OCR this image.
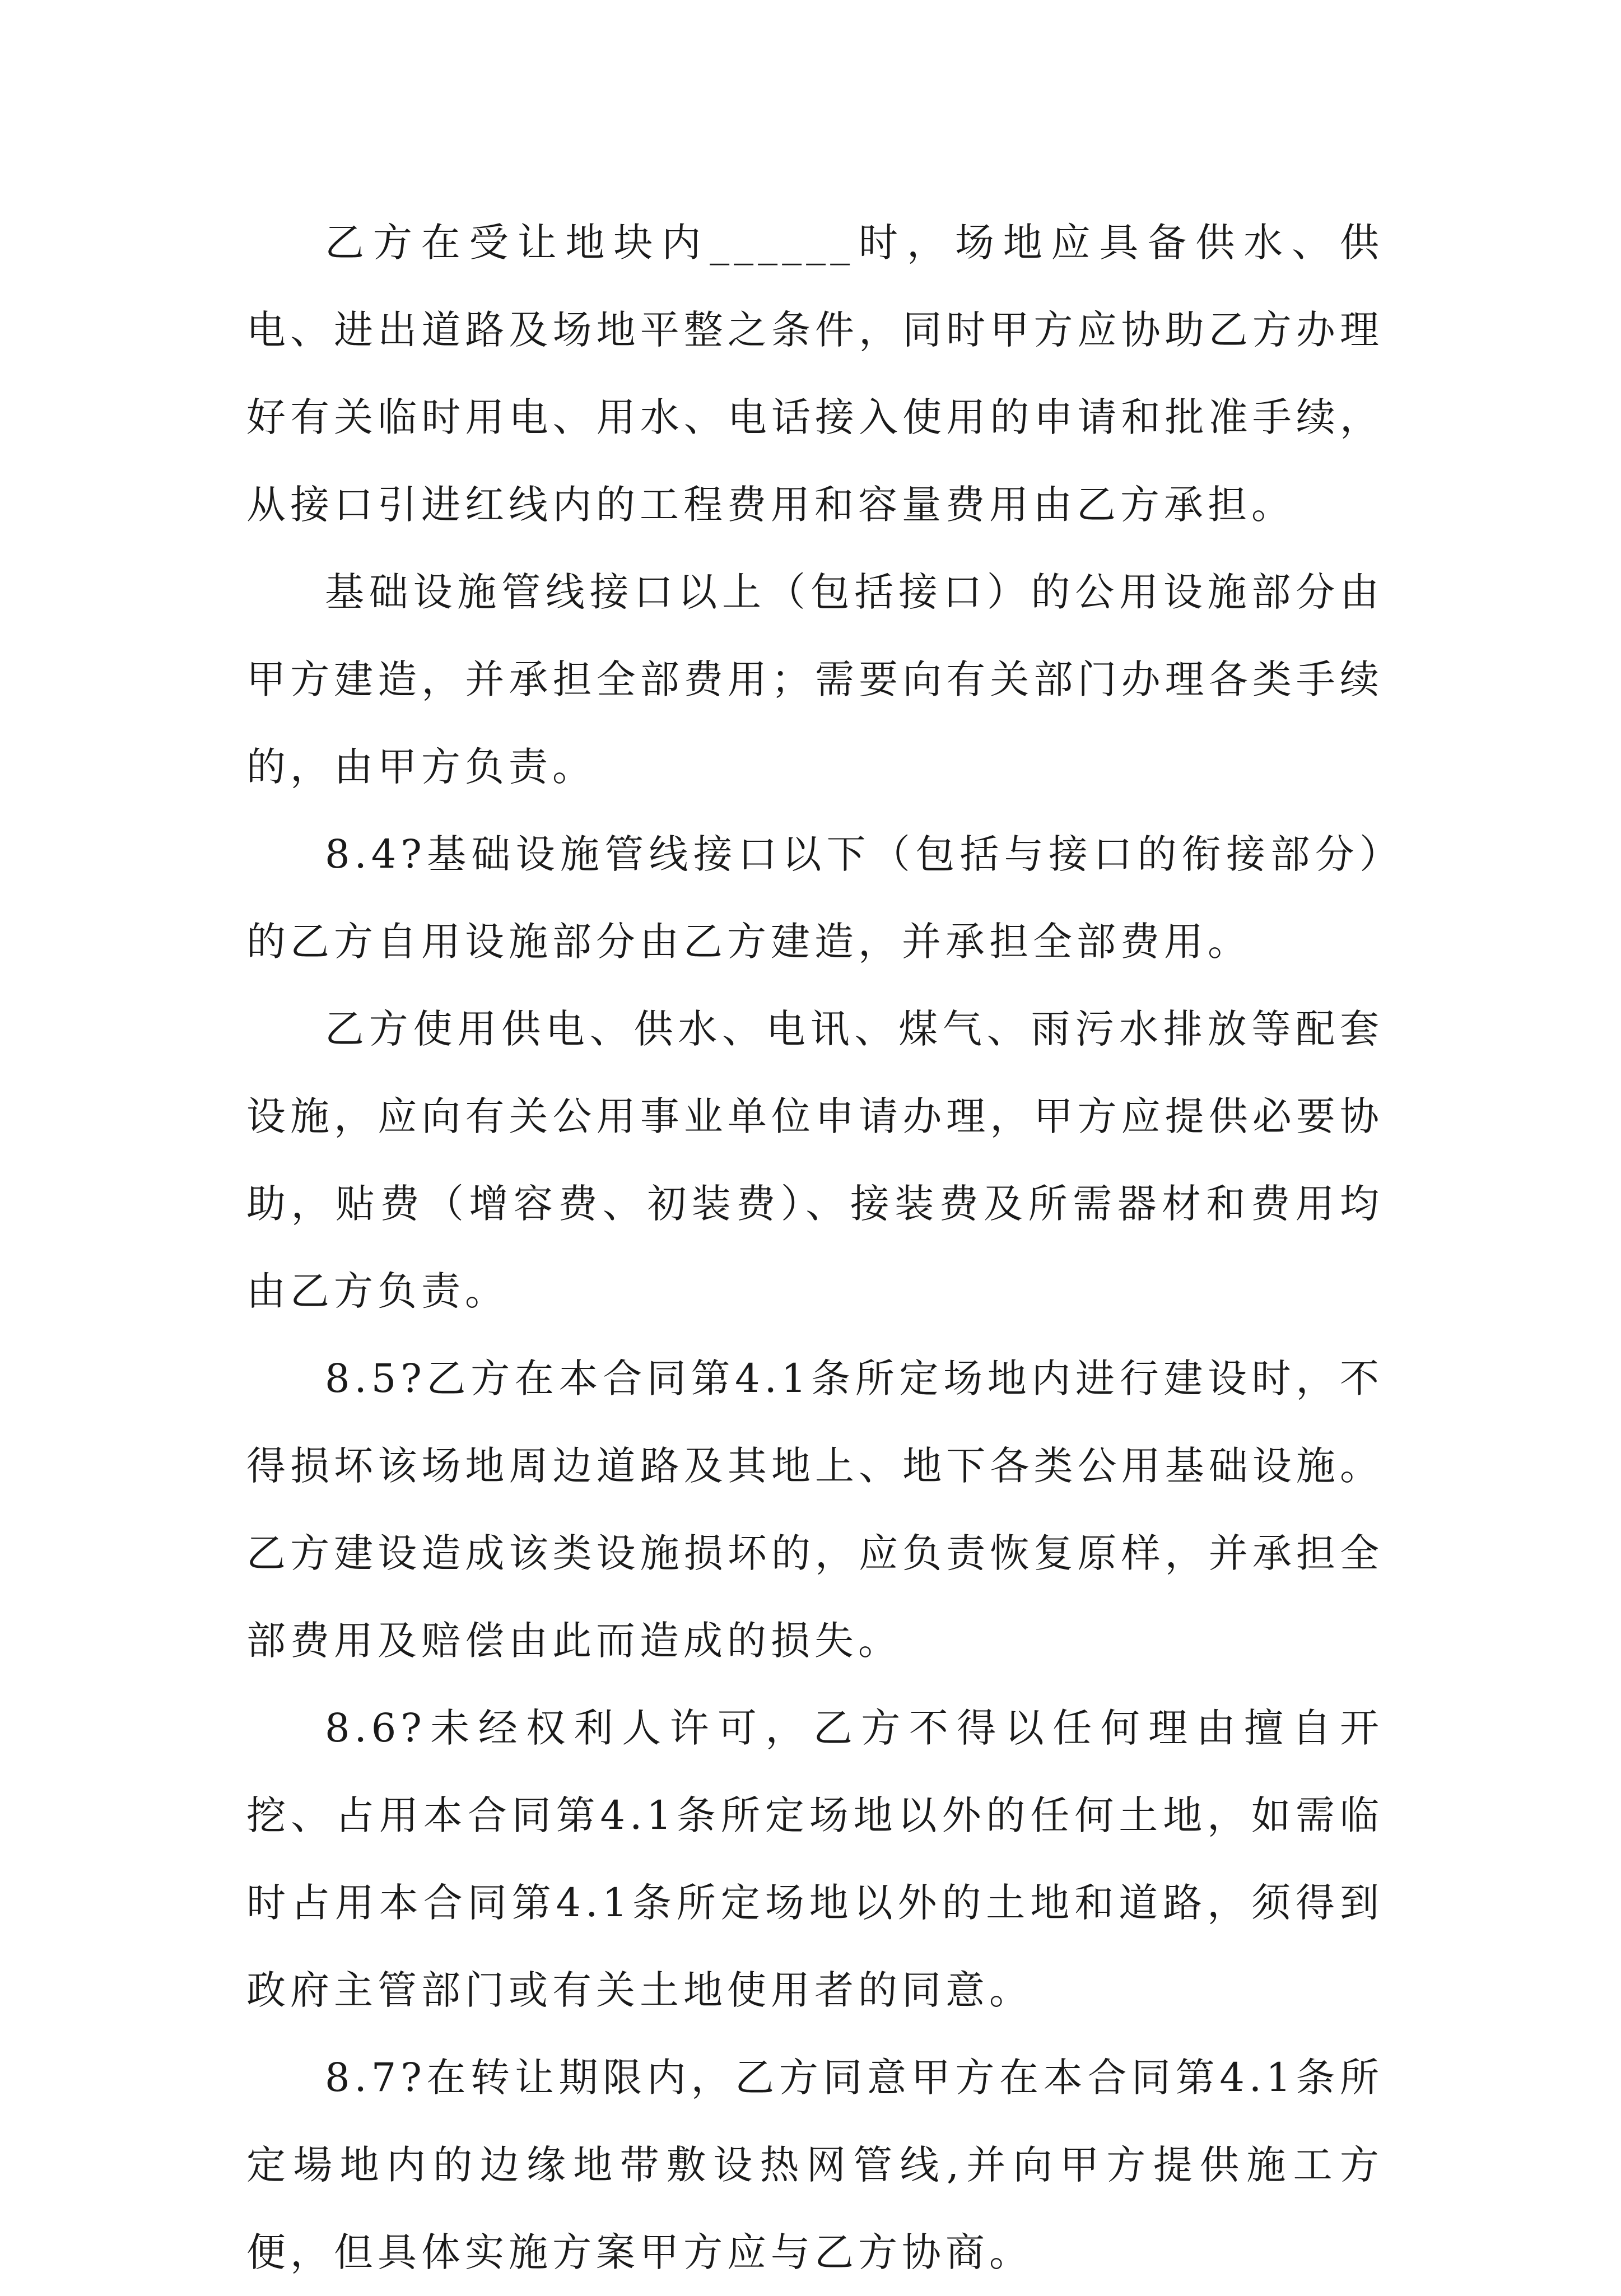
乙方在受让地块内______时，场地应具备供水、供电、进出道路及场地平整之条件，同时甲方应协助乙方办理好有关临时用电、用水、电话接入使用的申请和批准手续，从接口引进红线内的工程费用和容量费用由乙方承担。

基础设施管线接口以上（包括接口）的公用设施部分由甲方建造，并承担全部费用；需要向有关部门办理各类手续的，由甲方负责。

8.4?基础设施管线接口以下（包括与接口的衔接部分）的乙方自用设施部分由乙方建造，并承担全部费用。

乙方使用供电、供水、电讯、煤气、雨污水排放等配套设施，应向有关公用事业单位申请办理，甲方应提供必要协助，贴费（增容费、初装费）、接装费及所需器材和费用均由乙方负责。

8.5?乙方在本合同第4.1条所定场地内进行建设时，不得损坏该场地周边道路及其地上、地下各类公用基础设施。乙方建设造成该类设施损坏的，应负责恢复原样，并承担全部费用及赔偿由此而造成的损失。

8.6?未经权利人许可，乙方不得以任何理由擅自开挖、占用本合同第4.1条所定场地以外的任何土地，如需临时占用本合同第4.1条所定场地以外的土地和道路，须得到政府主管部门或有关土地使用者的同意。

8.7?在转让期限内，乙方同意甲方在本合同第4.1条所定場地内的边缘地带敷设热网管线,并向甲方提供施工方便，但具体实施方案甲方应与乙方协商。
